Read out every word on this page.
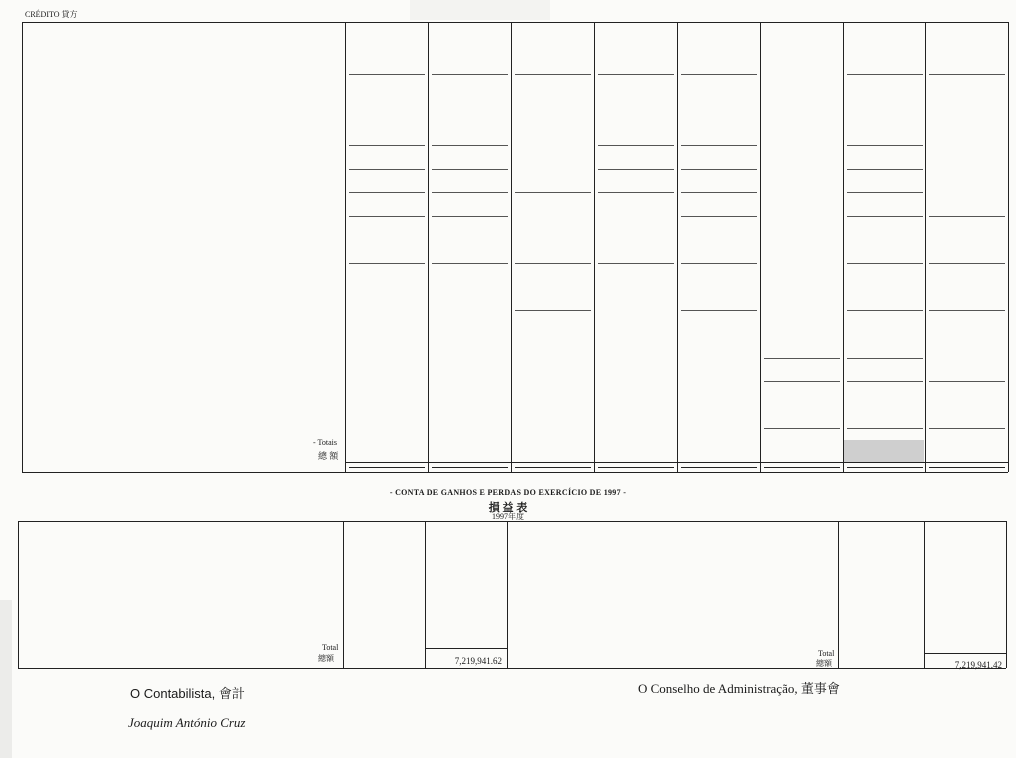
CRÉDITO 貸方
- Totais
總 額
- CONTA DE GANHOS E PERDAS DO EXERCÍCIO DE 1997 -
損 益 表
1997年度
Total
總額	7,219,941.62
Total
總額	7,219,941.42
O Contabilista, 會計
Joaquim António Cruz
O Conselho de Administração, 董事會
